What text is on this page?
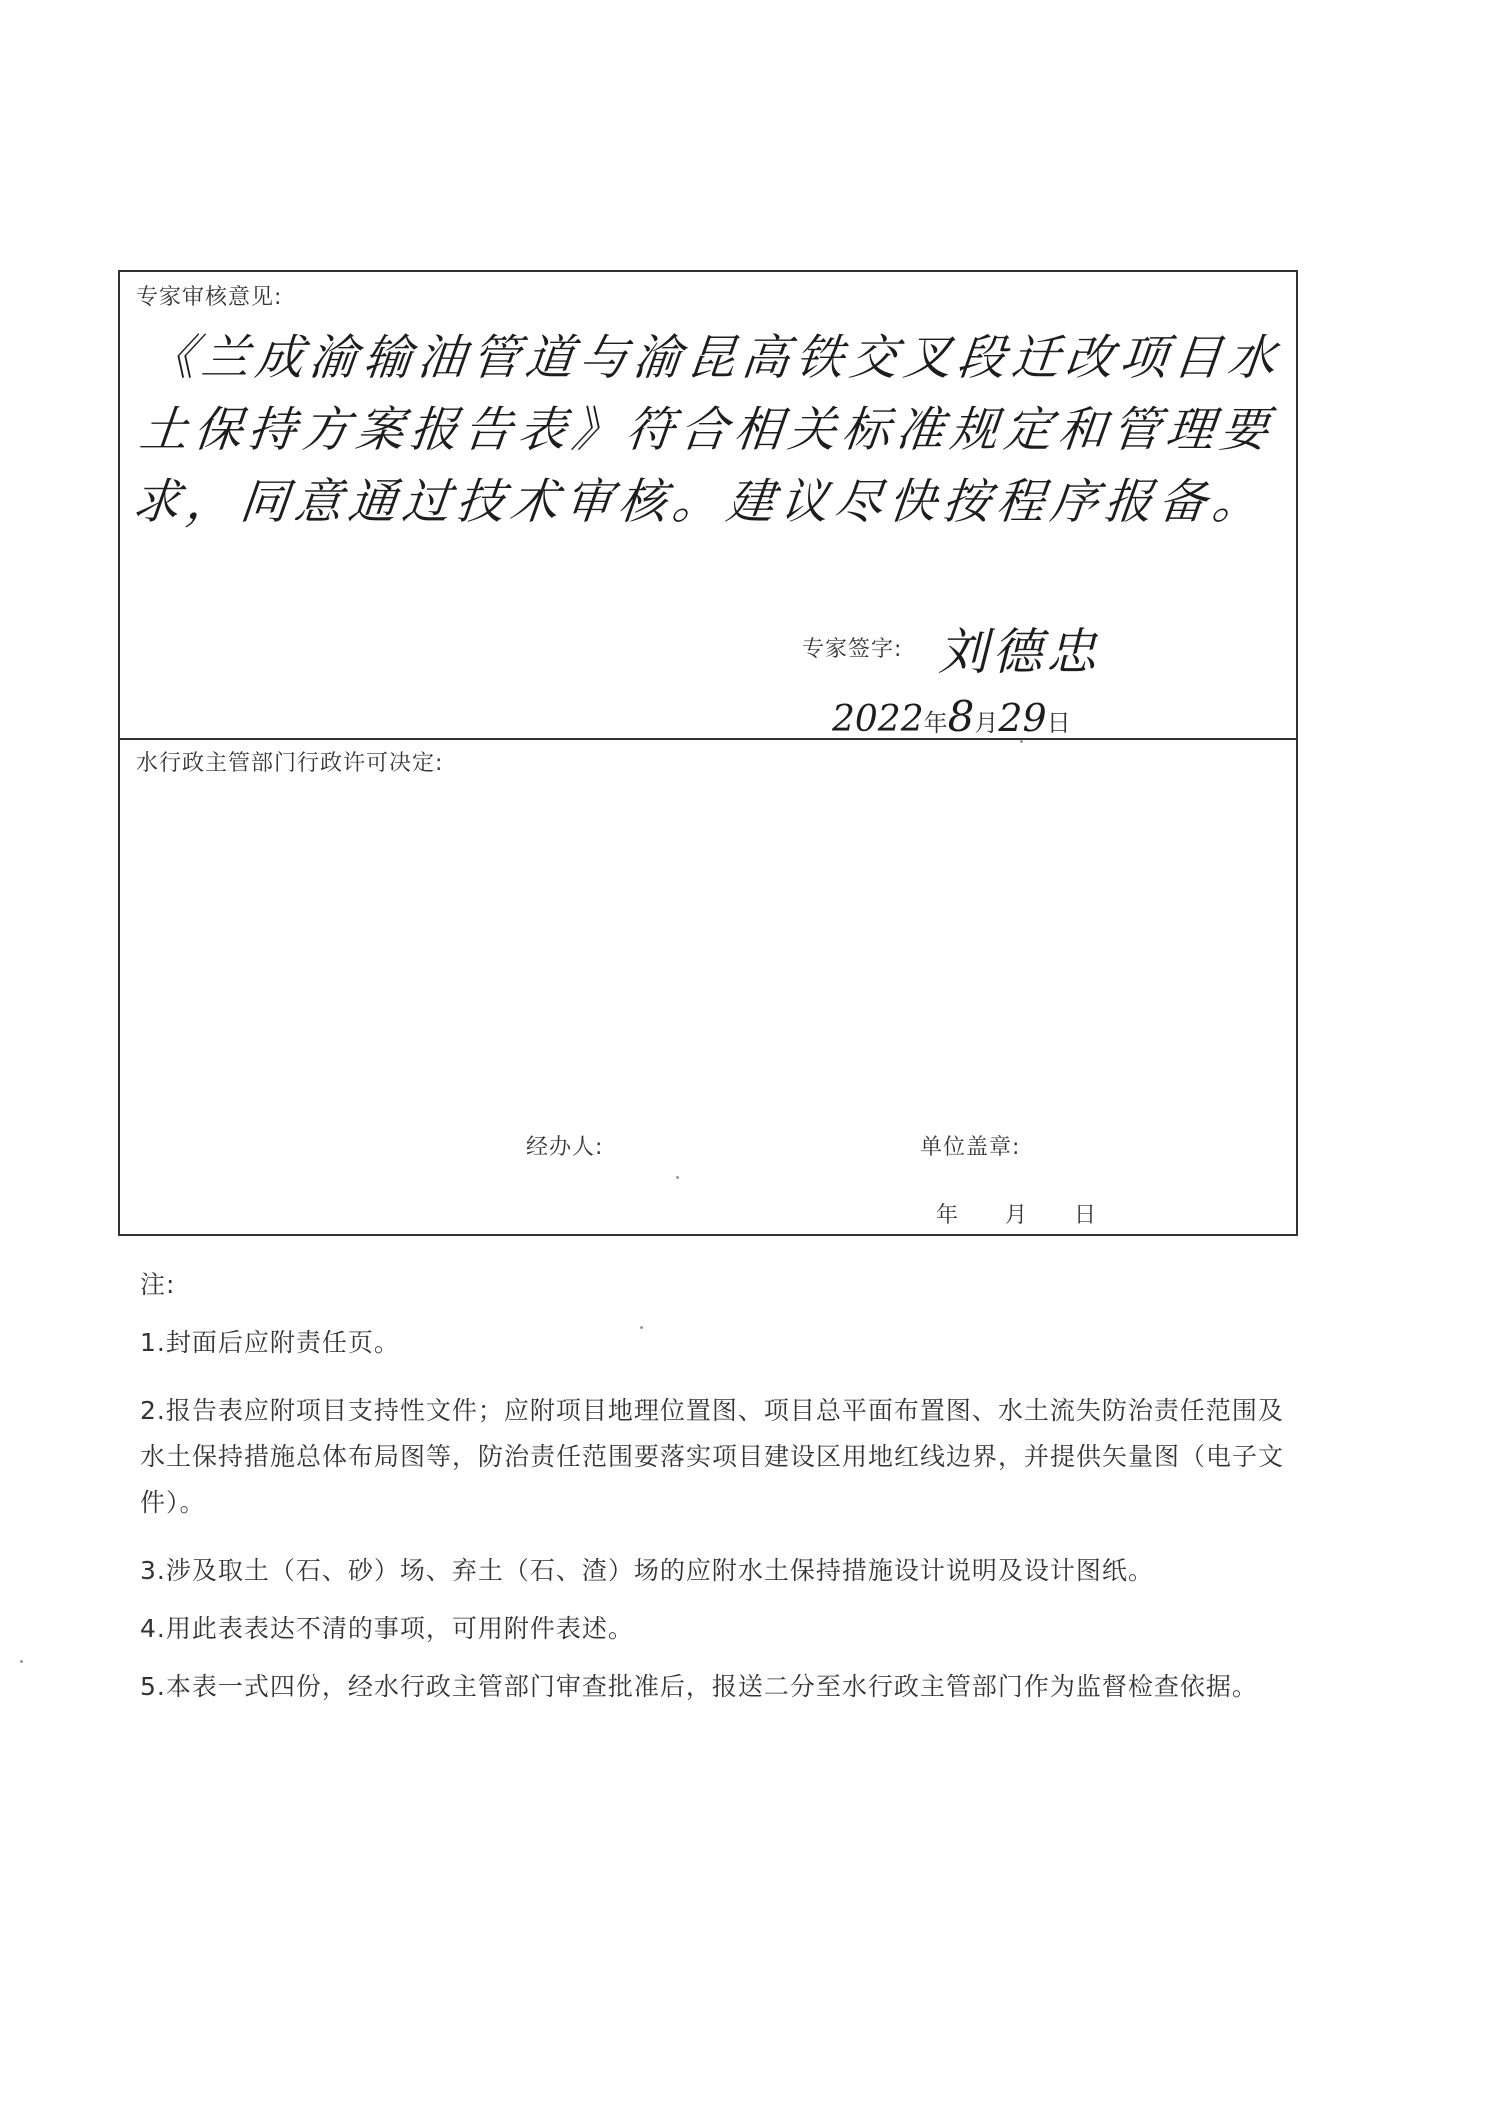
专家审核意见:
《兰成渝输油管道与渝昆高铁交叉段迁改项目水土保持方案报告表》符合相关标准规定和管理要求，同意通过技术审核。建议尽快按程序报备。
专家签字: 刘德忠
2022年8月29日
水行政主管部门行政许可决定:
经办人:	单位盖章:
年　　月　　日

注:

1.封面后应附责任页。

2.报告表应附项目支持性文件；应附项目地理位置图、项目总平面布置图、水土流失防治责任范围及水土保持措施总体布局图等，防治责任范围要落实项目建设区用地红线边界，并提供矢量图（电子文件）。

3.涉及取土（石、砂）场、弃土（石、渣）场的应附水土保持措施设计说明及设计图纸。

4.用此表表达不清的事项，可用附件表述。

5.本表一式四份，经水行政主管部门审查批准后，报送二分至水行政主管部门作为监督检查依据。
